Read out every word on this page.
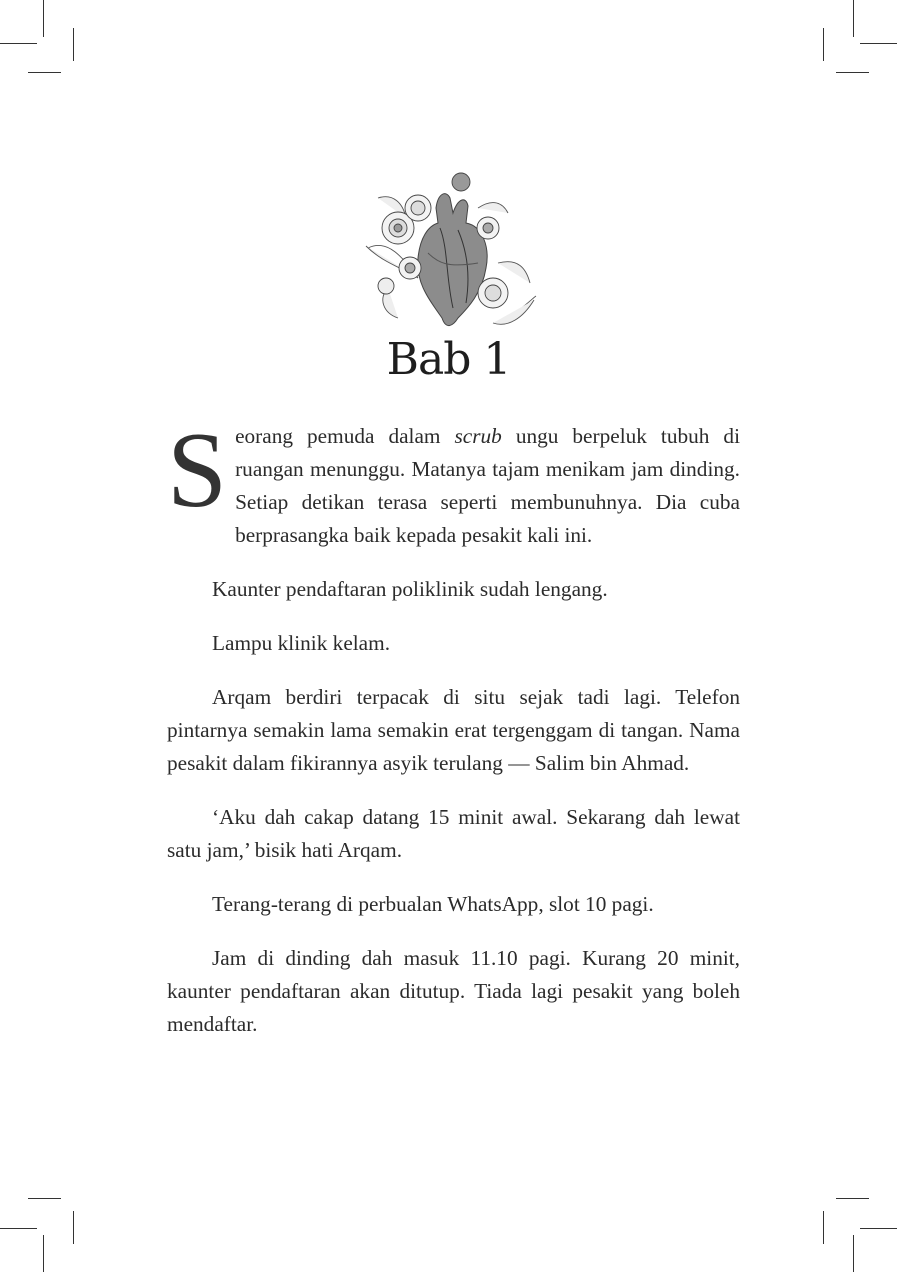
Bab 1

Seorang pemuda dalam scrub ungu berpeluk tubuh di ruangan menunggu. Matanya tajam menikam jam dinding. Setiap detikan terasa seperti membunuhnya. Dia cuba berprasangka baik kepada pesakit kali ini.

Kaunter pendaftaran poliklinik sudah lengang.

Lampu klinik kelam.

Arqam berdiri terpacak di situ sejak tadi lagi. Telefon pintarnya semakin lama semakin erat tergenggam di tangan. Nama pesakit dalam fikirannya asyik terulang — Salim bin Ahmad.

‘Aku dah cakap datang 15 minit awal. Sekarang dah lewat satu jam,’ bisik hati Arqam.

Terang-terang di perbualan WhatsApp, slot 10 pagi.

Jam di dinding dah masuk 11.10 pagi. Kurang 20 minit, kaunter pendaftaran akan ditutup. Tiada lagi pesakit yang boleh mendaftar.
